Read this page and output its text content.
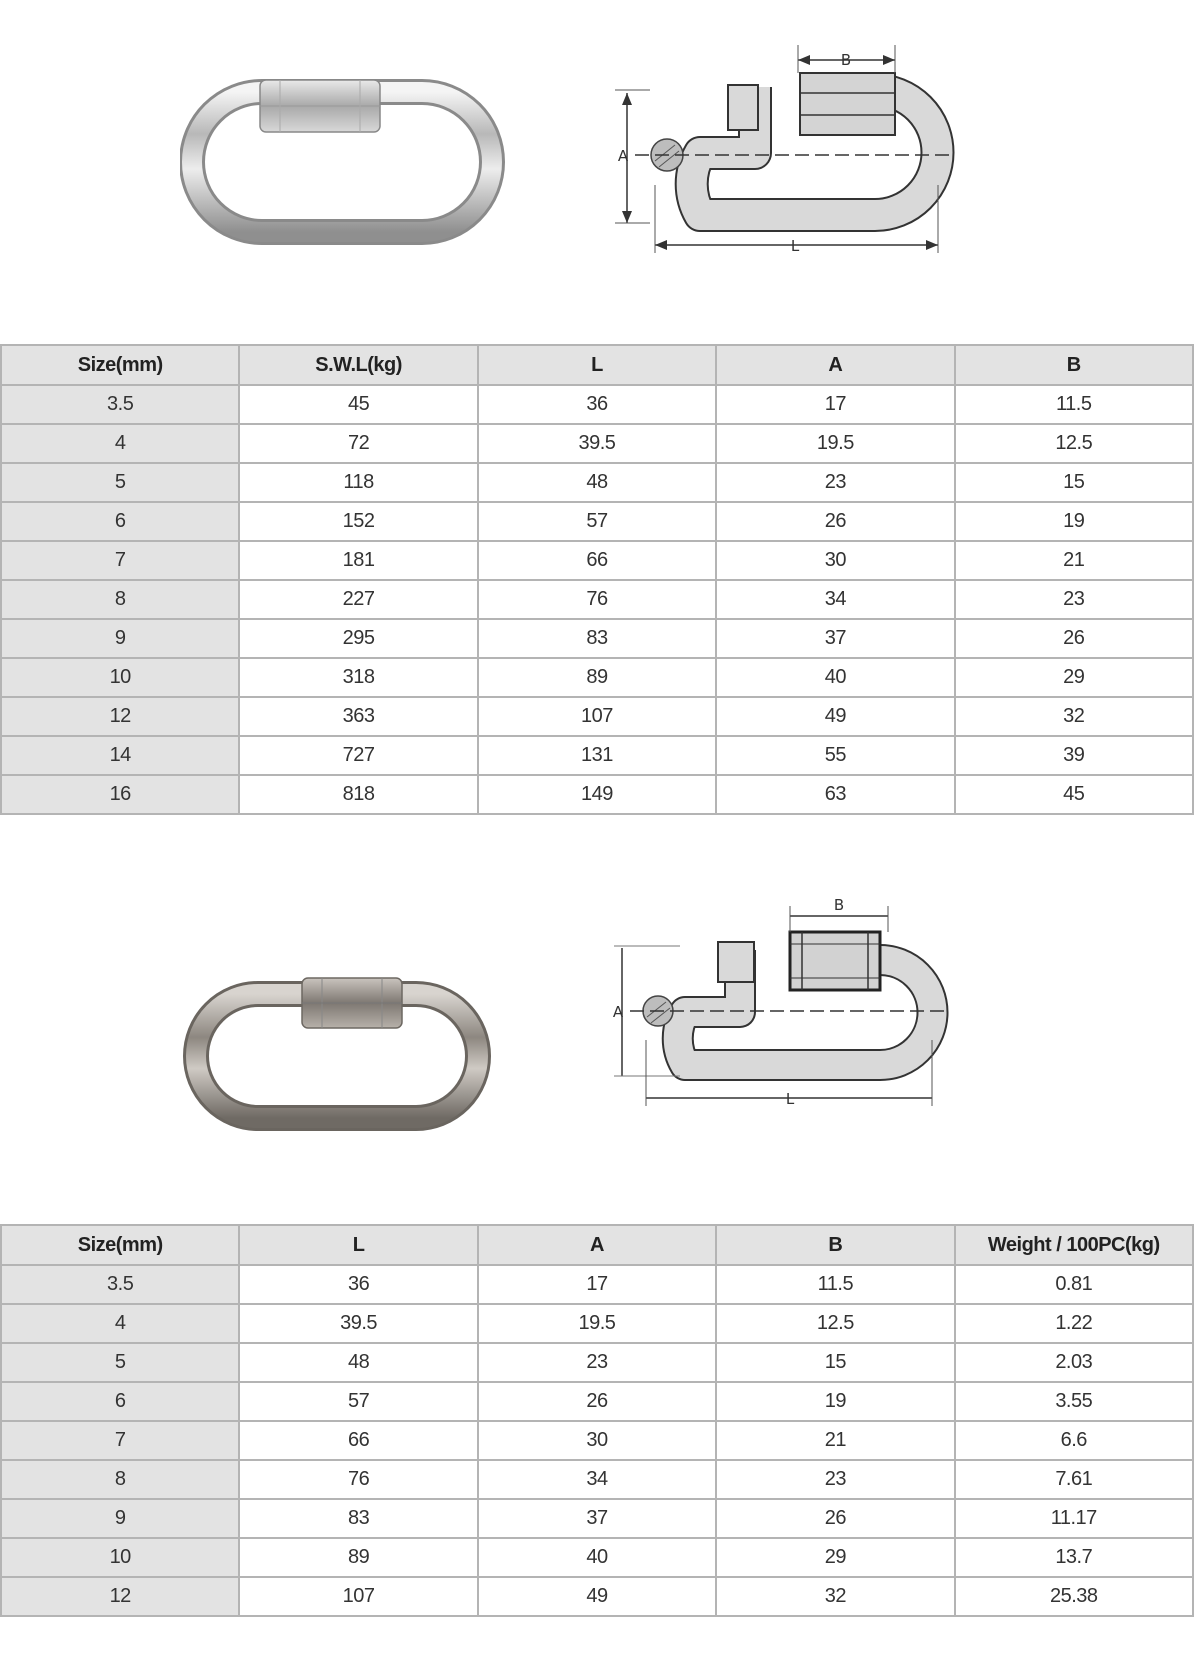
A
B
L
Size(mm)	S.W.L(kg)	L	A	B
3.5	45	36	17	11.5
4	72	39.5	19.5	12.5
5	118	48	23	15
6	152	57	26	19
7	181	66	30	21
8	227	76	34	23
9	295	83	37	26
10	318	89	40	29
12	363	107	49	32
14	727	131	55	39
16	818	149	63	45
A
B
L
Size(mm)	L	A	B	Weight / 100PC(kg)
3.5	36	17	11.5	0.81
4	39.5	19.5	12.5	1.22
5	48	23	15	2.03
6	57	26	19	3.55
7	66	30	21	6.6
8	76	34	23	7.61
9	83	37	26	11.17
10	89	40	29	13.7
12	107	49	32	25.38
